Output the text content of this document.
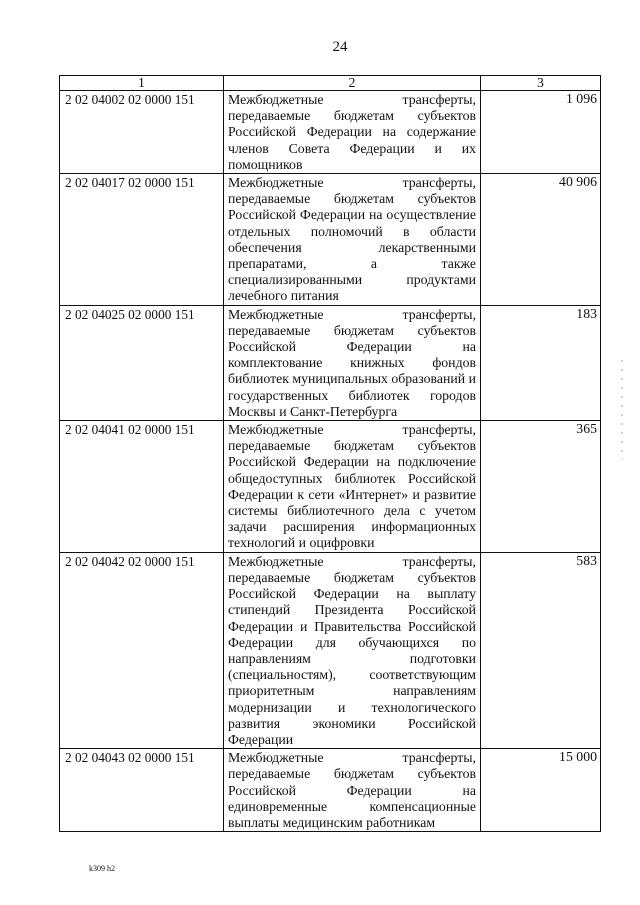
24
1	2	3
2 02 04002 02 0000 151	Межбюджетные трансферты, передаваемые бюджетам субъектов Российской Федерации на содержание членов Совета Федерации и их помощников	1 096
2 02 04017 02 0000 151	Межбюджетные трансферты, передаваемые бюджетам субъектов Российской Федерации на осуществление отдельных полномочий в области обеспечения лекарственными препаратами, а также специализированными продуктами лечебного питания	40 906
2 02 04025 02 0000 151	Межбюджетные трансферты, передаваемые бюджетам субъектов Российской Федерации на комплектование книжных фондов библиотек муниципальных образований и государственных библиотек городов Москвы и Санкт-Петербурга	183
2 02 04041 02 0000 151	Межбюджетные трансферты, передаваемые бюджетам субъектов Российской Федерации на подключение общедоступных библиотек Российской Федерации к сети «Интернет» и развитие системы библиотечного дела с учетом задачи расширения информационных технологий и оцифровки	365
2 02 04042 02 0000 151	Межбюджетные трансферты, передаваемые бюджетам субъектов Российской Федерации на выплату стипендий Президента Российской Федерации и Правительства Российской Федерации для обучающихся по направлениям подготовки (специальностям), соответствующим приоритетным направлениям модернизации и технологического развития экономики Российской Федерации	583
2 02 04043 02 0000 151	Межбюджетные трансферты, передаваемые бюджетам субъектов Российской Федерации на единовременные компенсационные выплаты медицинским работникам	15 000
k309 h2
